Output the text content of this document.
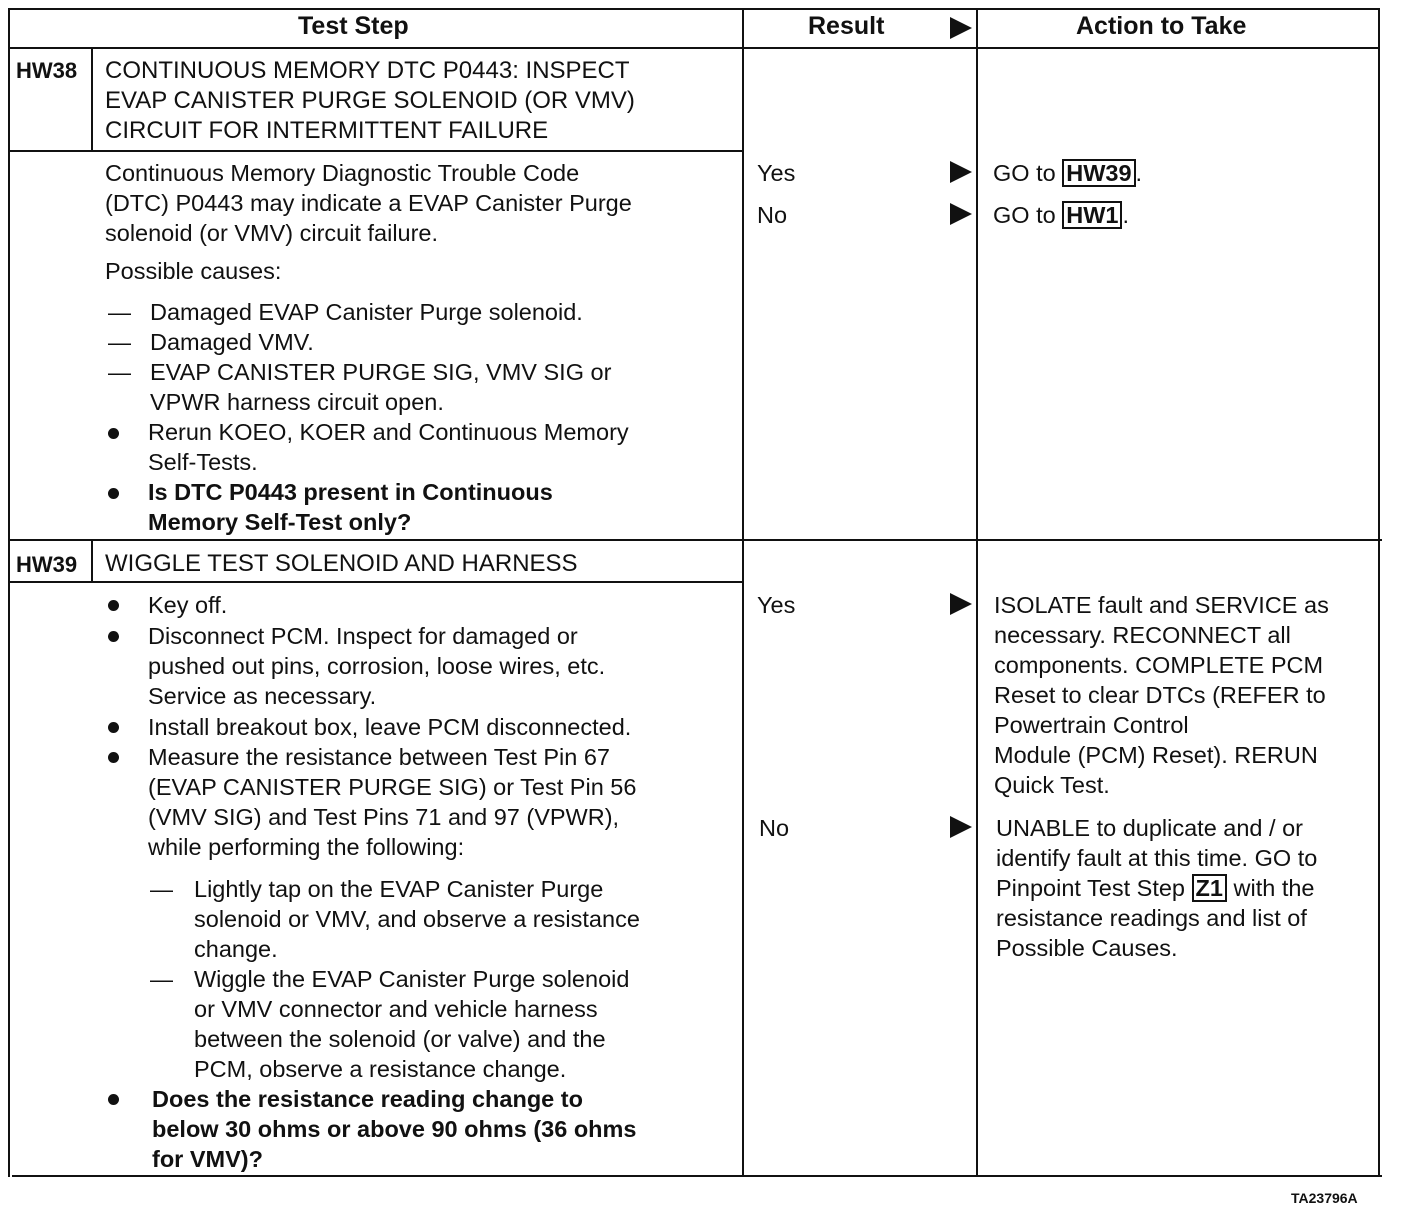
Test Step	Result	Action to Take
HW38 CONTINUOUS MEMORY DTC P0443: INSPECT
EVAP CANISTER PURGE SOLENOID (OR VMV)
CIRCUIT FOR INTERMITTENT FAILURE
Continuous Memory Diagnostic Trouble Code
(DTC) P0443 may indicate a EVAP Canister Purge
solenoid (or VMV) circuit failure.
Possible causes:
— Damaged EVAP Canister Purge solenoid.
— Damaged VMV.
— EVAP CANISTER PURGE SIG, VMV SIG or
VPWR harness circuit open.
Rerun KOEO, KOER and Continuous Memory
Self-Tests.
Is DTC P0443 present in Continuous
Memory Self-Test only?
Yes	GO to HW39 .
No	GO to HW1 .
HW39 WIGGLE TEST SOLENOID AND HARNESS
Key off.
Disconnect PCM. Inspect for damaged or
pushed out pins, corrosion, loose wires, etc.
Service as necessary.
Install breakout box, leave PCM disconnected.
Measure the resistance between Test Pin 67
(EVAP CANISTER PURGE SIG) or Test Pin 56
(VMV SIG) and Test Pins 71 and 97 (VPWR),
while performing the following:
— Lightly tap on the EVAP Canister Purge
solenoid or VMV, and observe a resistance
change.
— Wiggle the EVAP Canister Purge solenoid
or VMV connector and vehicle harness
between the solenoid (or valve) and the
PCM, observe a resistance change.
Does the resistance reading change to
below 30 ohms or above 90 ohms (36 ohms
for VMV)?
Yes	ISOLATE fault and SERVICE as
necessary. RECONNECT all
components. COMPLETE PCM
Reset to clear DTCs (REFER to
Powertrain Control
Module (PCM) Reset). RERUN
Quick Test.
No	UNABLE to duplicate and / or
identify fault at this time. GO to
Pinpoint Test Step Z1 with the
resistance readings and list of
Possible Causes.
TA23796A
